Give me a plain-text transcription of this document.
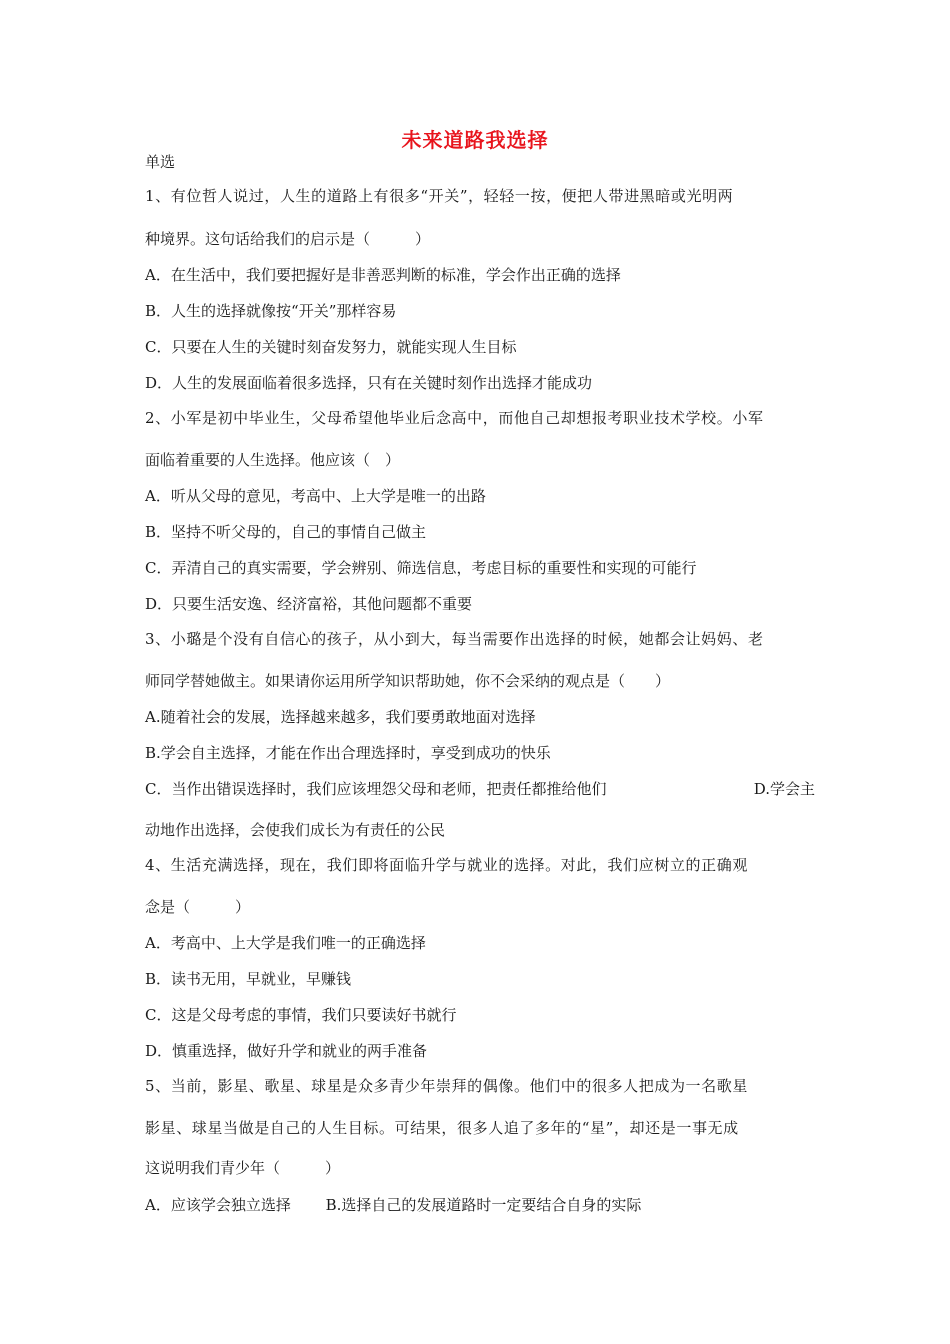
未来道路我选择
单选
1、有位哲人说过，人生的道路上有很多“开关”，轻轻一按，便把人带进黑暗或光明两
种境界。这句话给我们的启示是（　　　）
A．在生活中，我们要把握好是非善恶判断的标准，学会作出正确的选择
B．人生的选择就像按“开关”那样容易
C．只要在人生的关键时刻奋发努力，就能实现人生目标
D．人生的发展面临着很多选择，只有在关键时刻作出选择才能成功
2、小军是初中毕业生，父母希望他毕业后念高中，而他自己却想报考职业技术学校。小军
面临着重要的人生选择。他应该（　）
A．听从父母的意见，考高中、上大学是唯一的出路
B．坚持不听父母的，自己的事情自己做主
C．弄清自己的真实需要，学会辨别、筛选信息，考虑目标的重要性和实现的可能行
D．只要生活安逸、经济富裕，其他问题都不重要
3、小璐是个没有自信心的孩子，从小到大，每当需要作出选择的时候，她都会让妈妈、老
师同学替她做主。如果请你运用所学知识帮助她，你不会采纳的观点是（　　）
A.随着社会的发展，选择越来越多，我们要勇敢地面对选择
B.学会自主选择，才能在作出合理选择时，享受到成功的快乐
C．当作出错误选择时，我们应该埋怨父母和老师，把责任都推给他们	D.学会主
动地作出选择，会使我们成长为有责任的公民
4、生活充满选择，现在，我们即将面临升学与就业的选择。对此，我们应树立的正确观
念是（　　　）
A．考高中、上大学是我们唯一的正确选择
B．读书无用，早就业，早赚钱
C．这是父母考虑的事情，我们只要读好书就行
D．慎重选择，做好升学和就业的两手准备
5、当前，影星、歌星、球星是众多青少年崇拜的偶像。他们中的很多人把成为一名歌星
影星、球星当做是自己的人生目标。可结果，很多人追了多年的“星”，却还是一事无成
这说明我们青少年（　　　）
A．应该学会独立选择　　 B.选择自己的发展道路时一定要结合自身的实际
